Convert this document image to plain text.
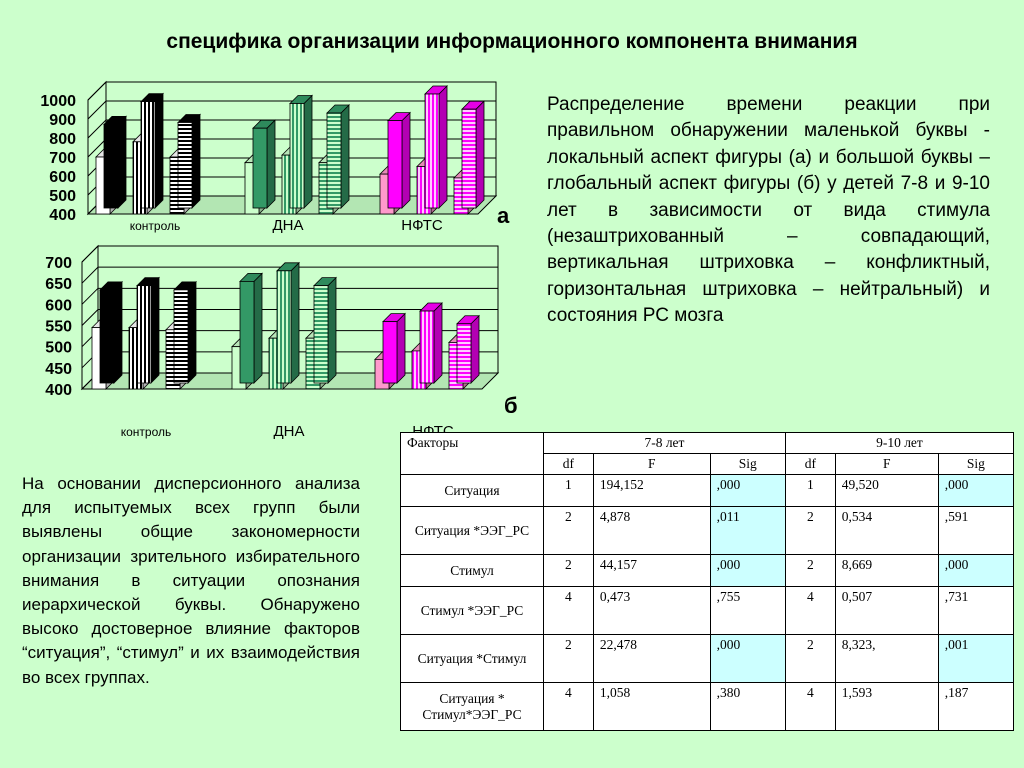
специфика организации информационного компонента внимания
400
500
600
700
800
900
1000
контроль	ДНА	НФТС
400
450
500
550
600
650
700
контроль	ДНА
а
б
Распределение времени реакции при правильном обнаружении маленькой буквы - локальный аспект фигуры (а) и большой буквы – глобальный аспект фигуры (б) у детей 7-8 и 9-10 лет в зависимости от вида стимула (незаштрихованный – совпадающий, вертикальная штриховка – конфликтный, горизонтальная штриховка – нейтральный) и состояния РС мозга
На основании дисперсионного анализа для испытуемых всех групп были выявлены общие закономерности организации зрительного избирательного внимания в ситуации опознания иерархической буквы. Обнаружено высоко достоверное влияние факторов “ситуация”, “стимул” и их взаимодействия во всех группах.
Факторы	7-8 лет			9-10 лет		
	df	F	Sig	df	F	Sig
Ситуация	1	194,152	,000	1	49,520	,000
Ситуация *ЭЭГ_РС	2	4,878	,011	2	0,534	,591
Стимул	2	44,157	,000	2	8,669	,000
Стимул *ЭЭГ_РС	4	0,473	,755	4	0,507	,731
Ситуация *Стимул	2	22,478	,000	2	8,323,	,001
Ситуация * Стимул*ЭЭГ_РС	4	1,058	,380	4	1,593	,187
